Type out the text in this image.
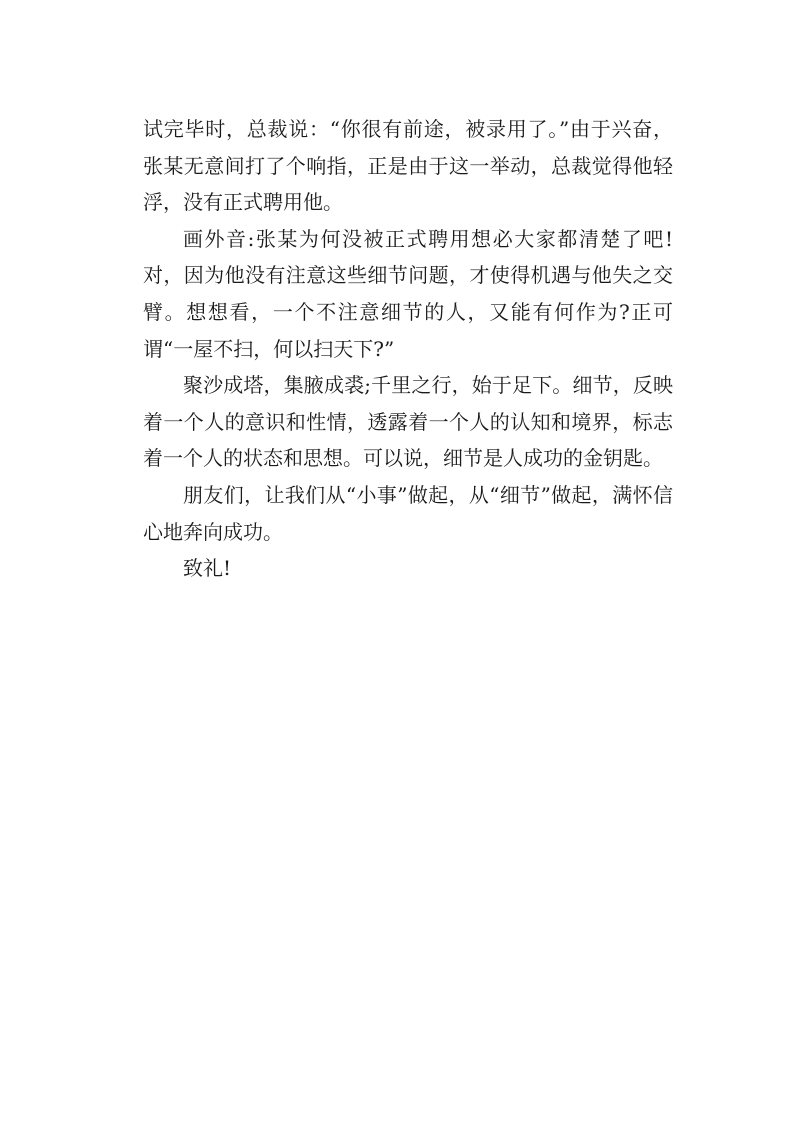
试完毕时，总裁说：“你很有前途，被录用了。”由于兴奋，张某无意间打了个响指，正是由于这一举动，总裁觉得他轻浮，没有正式聘用他。

画外音:张某为何没被正式聘用想必大家都清楚了吧!对，因为他没有注意这些细节问题，才使得机遇与他失之交臂。想想看，一个不注意细节的人，又能有何作为?正可谓“一屋不扫，何以扫天下?”

聚沙成塔，集腋成裘;千里之行，始于足下。细节，反映着一个人的意识和性情，透露着一个人的认知和境界，标志着一个人的状态和思想。可以说，细节是人成功的金钥匙。

朋友们，让我们从“小事”做起，从“细节”做起，满怀信心地奔向成功。

致礼!
